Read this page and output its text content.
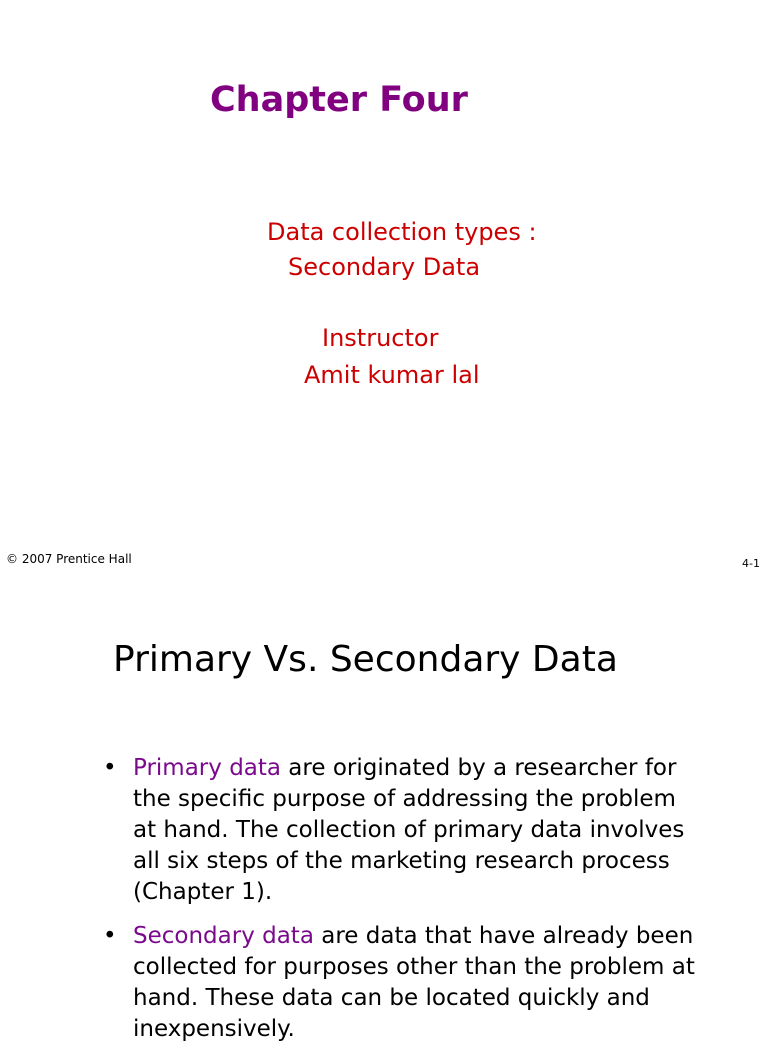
Chapter Four
Data collection types :
Secondary Data
Instructor
Amit kumar lal
© 2007 Prentice Hall	4-1
Primary Vs. Secondary Data
• Primary data are originated by a researcher for the specific purpose of addressing the problem at hand. The collection of primary data involves all six steps of the marketing research process (Chapter 1).
• Secondary data are data that have already been collected for purposes other than the problem at hand. These data can be located quickly and inexpensively.
